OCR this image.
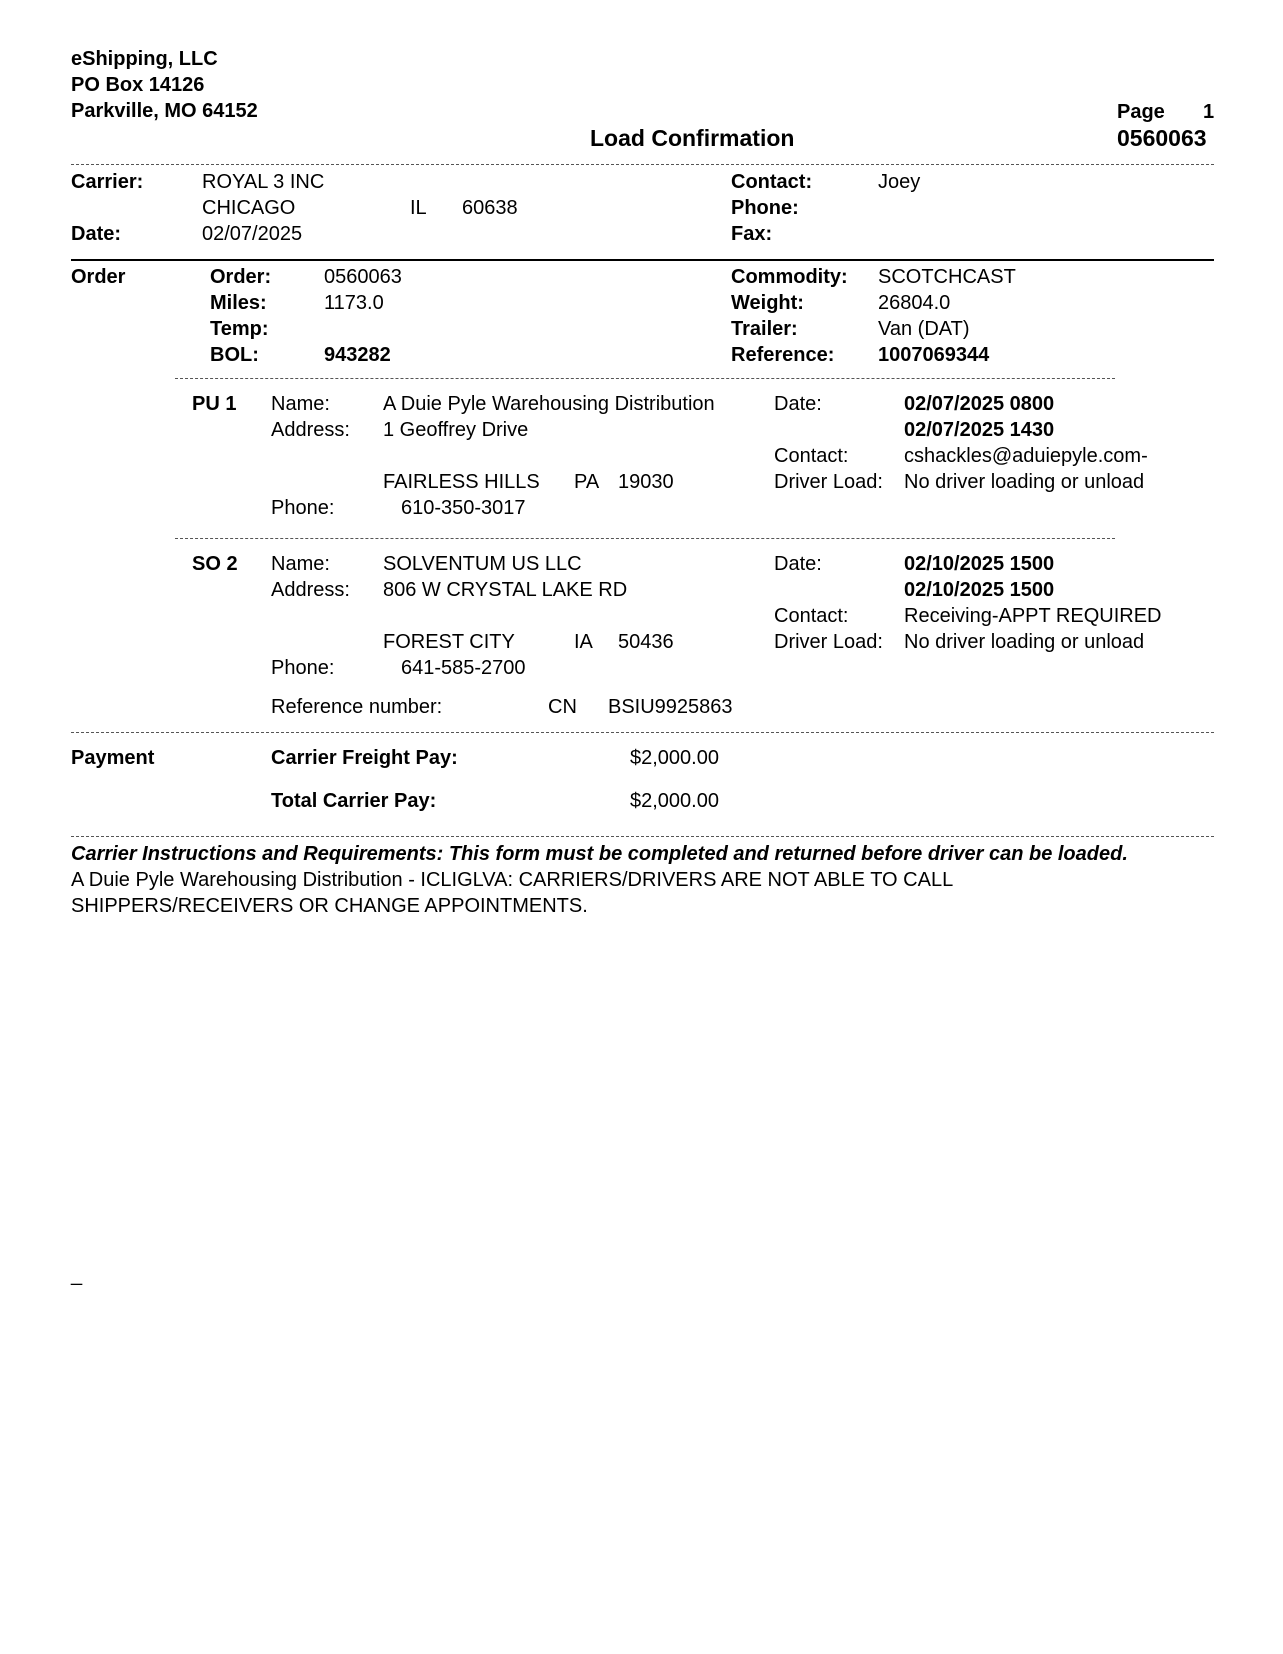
eShipping, LLC
PO Box 14126
Parkville, MO 64152
Load Confirmation
Page 1
0560063
Carrier:	ROYAL 3 INC
CHICAGO	IL 60638
Date:	02/07/2025
Contact:	Joey
Phone:
Fax:
Order	Order:	0560063
Miles:	1173.0
Temp:
BOL:	943282
Commodity: SCOTCHCAST
Weight:	26804.0
Trailer:	Van (DAT)
Reference: 1007069344
PU 1 Name:	A Duie Pyle Warehousing Distribution
Address: 1 Geoffrey Drive
FAIRLESS HILLS PA 19030
Phone:	610-350-3017
Date:	02/07/2025 0800
02/07/2025 1430
Contact:	cshackles@aduiepyle.com-
Driver Load: No driver loading or unload
SO 2 Name:	SOLVENTUM US LLC
Address: 806 W CRYSTAL LAKE RD
FOREST CITY	IA 50436
Phone:	641-585-2700
Date:	02/10/2025 1500
02/10/2025 1500
Contact:	Receiving-APPT REQUIRED
Driver Load: No driver loading or unload
Reference number:	CN BSIU9925863
Payment	Carrier Freight Pay:	$2,000.00
Total Carrier Pay:	$2,000.00
Carrier Instructions and Requirements: This form must be completed and returned before driver can be loaded.
A Duie Pyle Warehousing Distribution - ICLIGLVA: CARRIERS/DRIVERS ARE NOT ABLE TO CALL
SHIPPERS/RECEIVERS OR CHANGE APPOINTMENTS.
_
